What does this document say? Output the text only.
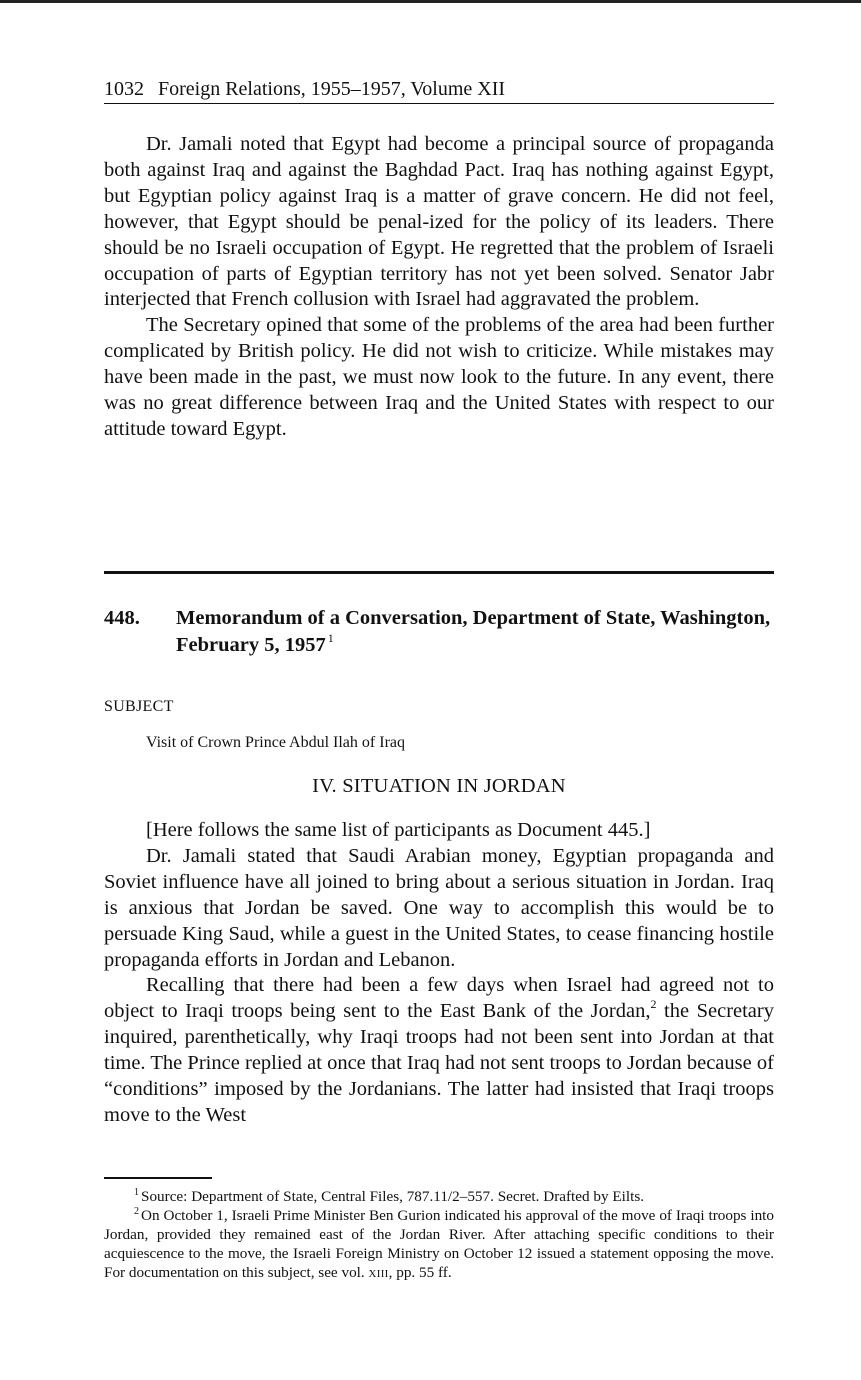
1032 Foreign Relations, 1955–1957, Volume XII

Dr. Jamali noted that Egypt had become a principal source of propaganda both against Iraq and against the Baghdad Pact. Iraq has nothing against Egypt, but Egyptian policy against Iraq is a matter of grave concern. He did not feel, however, that Egypt should be penal-ized for the policy of its leaders. There should be no Israeli occupation of Egypt. He regretted that the problem of Israeli occupation of parts of Egyptian territory has not yet been solved. Senator Jabr interjected that French collusion with Israel had aggravated the problem.

The Secretary opined that some of the problems of the area had been further complicated by British policy. He did not wish to criticize. While mistakes may have been made in the past, we must now look to the future. In any event, there was no great difference between Iraq and the United States with respect to our attitude toward Egypt.

448. Memorandum of a Conversation, Department of State, Washington, February 5, 1957 $^1$
SUBJECT
Visit of Crown Prince Abdul Ilah of Iraq
IV. SITUATION IN JORDAN

[Here follows the same list of participants as Document 445.]

Dr. Jamali stated that Saudi Arabian money, Egyptian propaganda and Soviet influence have all joined to bring about a serious situation in Jordan. Iraq is anxious that Jordan be saved. One way to accomplish this would be to persuade King Saud, while a guest in the United States, to cease financing hostile propaganda efforts in Jordan and Lebanon.

Recalling that there had been a few days when Israel had agreed not to object to Iraqi troops being sent to the East Bank of the Jordan,$^2$ the Secretary inquired, parenthetically, why Iraqi troops had not been sent into Jordan at that time. The Prince replied at once that Iraq had not sent troops to Jordan because of “conditions” imposed by the Jordanians. The latter had insisted that Iraqi troops move to the West

$^1$ Source: Department of State, Central Files, 787.11/2–557. Secret. Drafted by Eilts.

$^2$ On October 1, Israeli Prime Minister Ben Gurion indicated his approval of the move of Iraqi troops into Jordan, provided they remained east of the Jordan River. After attaching specific conditions to their acquiescence to the move, the Israeli Foreign Ministry on October 12 issued a statement opposing the move. For documentation on this subject, see vol. XIII, pp. 55 ff.
